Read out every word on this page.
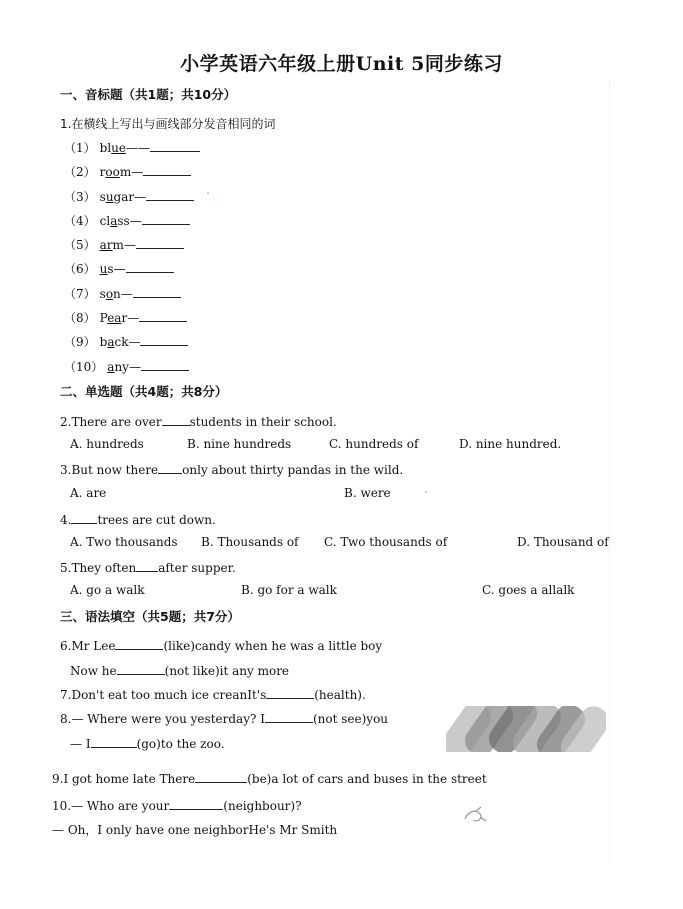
小学英语六年级上册Unit 5同步练习
一、音标题（共1题；共10分）
1.在横线上写出与画线部分发音相同的词
（1） blue——
（2） room—
（3） sugar—
（4） class—
（5） arm—
（6） us—
（7） son—
（8） Pear—
（9） back—
（10） any—
二、单选题（共4题；共8分）
2.There are over students in their school.
A. hundreds	B. nine hundreds	C. hundreds of	D. nine hundred.
3.But now there only about thirty pandas in the wild.
A. are	B. were
4. trees are cut down.
A. Two thousands B. Thousands of C. Two thousands of	D. Thousand of
5.They often after supper.
A. go a walk	B. go for a walk	C. goes a allalk
三、语法填空（共5题；共7分）
6.Mr Lee	(like)candy when he was a little boy
Now he	(not like)it any more
7.Don't eat too much ice creanIt's	(health).
8.— Where were you yesterday? I	(not see)you
— I	(go)to the zoo.
9.I got home late There	(be)a lot of cars and buses in the street
10.— Who are your	(neighbour)?
— Oh，I only have one neighborHe's Mr Smith
